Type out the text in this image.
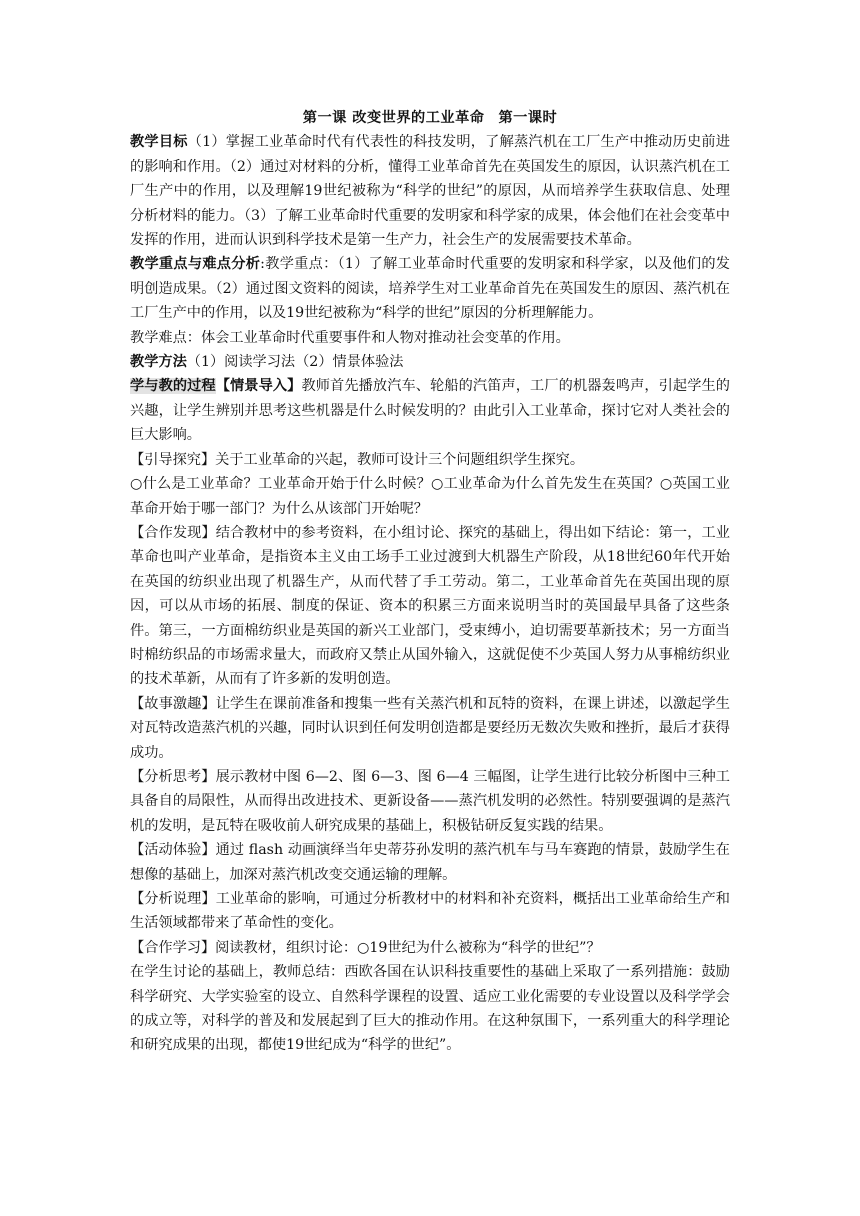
第一课 改变世界的工业革命 第一课时

教学目标（1）掌握工业革命时代有代表性的科技发明，了解蒸汽机在工厂生产中推动历史前进的影响和作用。（2）通过对材料的分析，懂得工业革命首先在英国发生的原因，认识蒸汽机在工厂生产中的作用，以及理解19世纪被称为“科学的世纪”的原因，从而培养学生获取信息、处理分析材料的能力。（3）了解工业革命时代重要的发明家和科学家的成果，体会他们在社会变革中发挥的作用，进而认识到科学技术是第一生产力，社会生产的发展需要技术革命。

教学重点与难点分析:教学重点：（1）了解工业革命时代重要的发明家和科学家，以及他们的发明创造成果。（2）通过图文资料的阅读，培养学生对工业革命首先在英国发生的原因、蒸汽机在工厂生产中的作用，以及19世纪被称为“科学的世纪”原因的分析理解能力。

教学难点：体会工业革命时代重要事件和人物对推动社会变革的作用。

教学方法（1）阅读学习法（2）情景体验法

学与教的过程【情景导入】教师首先播放汽车、轮船的汽笛声，工厂的机器轰鸣声，引起学生的兴趣，让学生辨别并思考这些机器是什么时候发明的？由此引入工业革命，探讨它对人类社会的巨大影响。

【引导探究】关于工业革命的兴起，教师可设计三个问题组织学生探究。

○什么是工业革命？工业革命开始于什么时候？○工业革命为什么首先发生在英国？○英国工业革命开始于哪一部门？为什么从该部门开始呢？

【合作发现】结合教材中的参考资料，在小组讨论、探究的基础上，得出如下结论：第一，工业革命也叫产业革命，是指资本主义由工场手工业过渡到大机器生产阶段，从18世纪60年代开始在英国的纺织业出现了机器生产，从而代替了手工劳动。第二，工业革命首先在英国出现的原因，可以从市场的拓展、制度的保证、资本的积累三方面来说明当时的英国最早具备了这些条件。第三，一方面棉纺织业是英国的新兴工业部门，受束缚小，迫切需要革新技术；另一方面当时棉纺织品的市场需求量大，而政府又禁止从国外输入，这就促使不少英国人努力从事棉纺织业的技术革新，从而有了许多新的发明创造。

【故事激趣】让学生在课前准备和搜集一些有关蒸汽机和瓦特的资料，在课上讲述，以激起学生对瓦特改造蒸汽机的兴趣，同时认识到任何发明创造都是要经历无数次失败和挫折，最后才获得成功。

【分析思考】展示教材中图 6—2、图 6—3、图 6—4 三幅图，让学生进行比较分析图中三种工具备自的局限性，从而得出改进技术、更新设备——蒸汽机发明的必然性。特别要强调的是蒸汽机的发明，是瓦特在吸收前人研究成果的基础上，积极钻研反复实践的结果。

【活动体验】通过 flash 动画演绎当年史蒂芬孙发明的蒸汽机车与马车赛跑的情景，鼓励学生在想像的基础上，加深对蒸汽机改变交通运输的理解。

【分析说理】工业革命的影响，可通过分析教材中的材料和补充资料，概括出工业革命给生产和生活领域都带来了革命性的变化。

【合作学习】阅读教材，组织讨论：○19世纪为什么被称为“科学的世纪”？

在学生讨论的基础上，教师总结：西欧各国在认识科技重要性的基础上采取了一系列措施：鼓励科学研究、大学实验室的设立、自然科学课程的设置、适应工业化需要的专业设置以及科学学会的成立等，对科学的普及和发展起到了巨大的推动作用。在这种氛围下，一系列重大的科学理论和研究成果的出现，都使19世纪成为“科学的世纪”。
